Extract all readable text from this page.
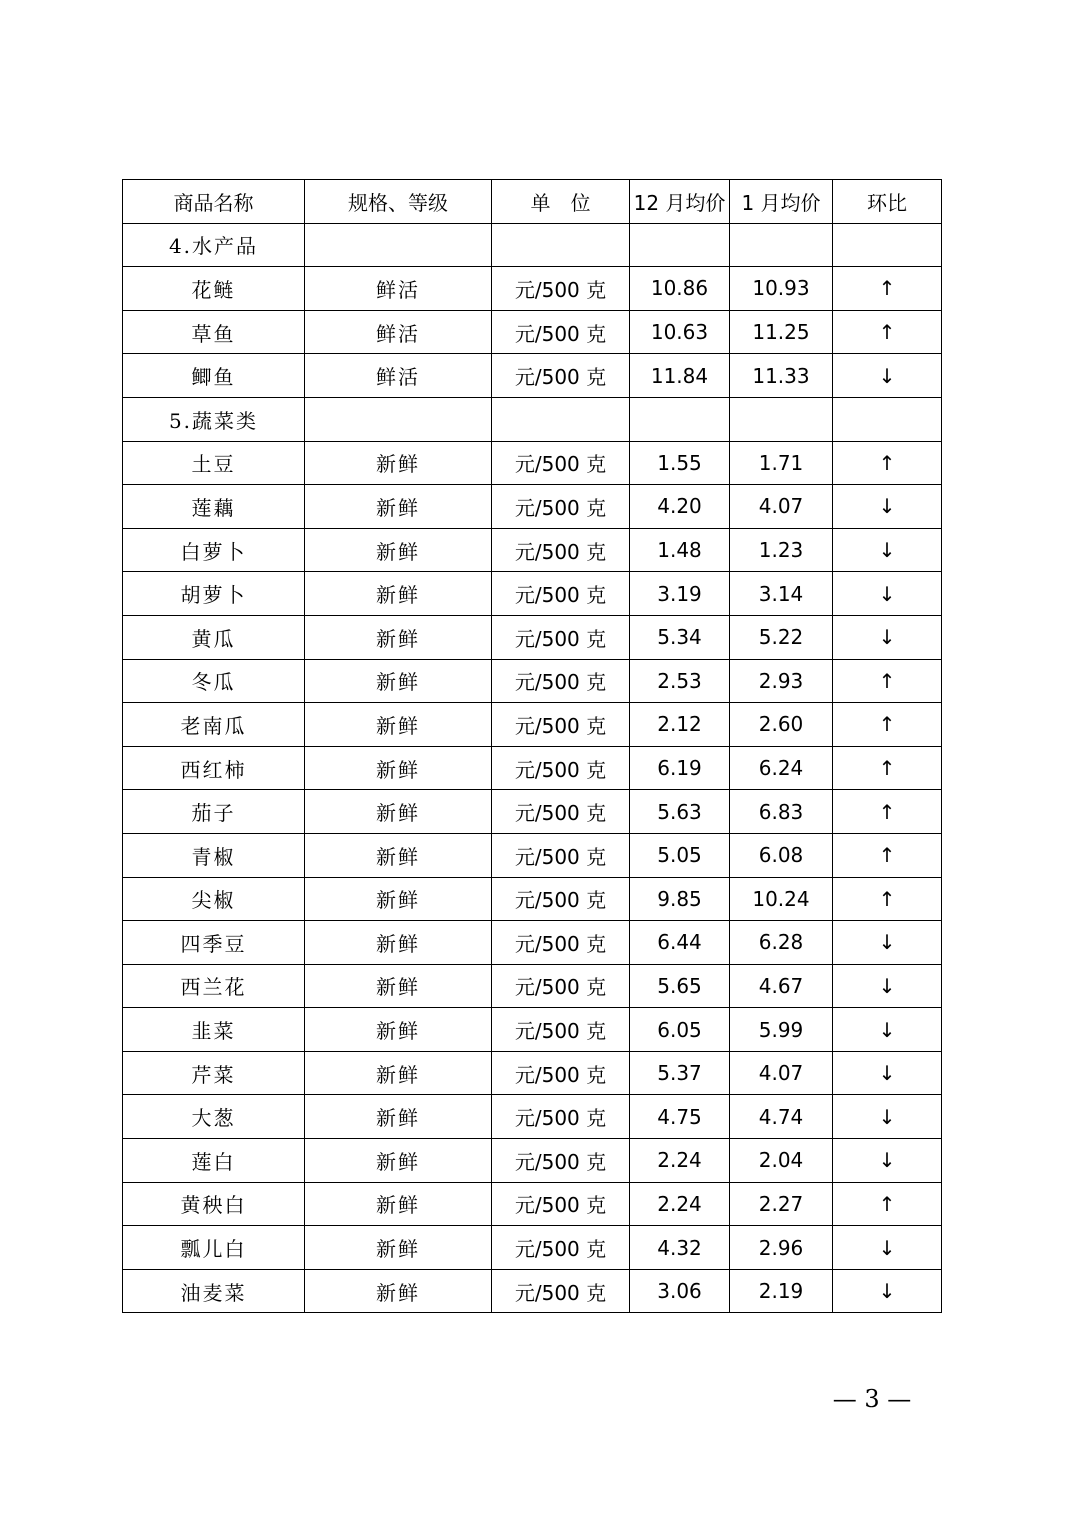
商品名称	规格、等级	单　位	12 月均价	1 月均价	环比
4.水产品					
花鲢	鲜活	元/500 克	10.86	10.93	↑
草鱼	鲜活	元/500 克	10.63	11.25	↑
鲫鱼	鲜活	元/500 克	11.84	11.33	↓
5.蔬菜类					
土豆	新鲜	元/500 克	1.55	1.71	↑
莲藕	新鲜	元/500 克	4.20	4.07	↓
白萝卜	新鲜	元/500 克	1.48	1.23	↓
胡萝卜	新鲜	元/500 克	3.19	3.14	↓
黄瓜	新鲜	元/500 克	5.34	5.22	↓
冬瓜	新鲜	元/500 克	2.53	2.93	↑
老南瓜	新鲜	元/500 克	2.12	2.60	↑
西红柿	新鲜	元/500 克	6.19	6.24	↑
茄子	新鲜	元/500 克	5.63	6.83	↑
青椒	新鲜	元/500 克	5.05	6.08	↑
尖椒	新鲜	元/500 克	9.85	10.24	↑
四季豆	新鲜	元/500 克	6.44	6.28	↓
西兰花	新鲜	元/500 克	5.65	4.67	↓
韭菜	新鲜	元/500 克	6.05	5.99	↓
芹菜	新鲜	元/500 克	5.37	4.07	↓
大葱	新鲜	元/500 克	4.75	4.74	↓
莲白	新鲜	元/500 克	2.24	2.04	↓
黄秧白	新鲜	元/500 克	2.24	2.27	↑
瓢儿白	新鲜	元/500 克	4.32	2.96	↓
油麦菜	新鲜	元/500 克	3.06	2.19	↓
— 3 —
